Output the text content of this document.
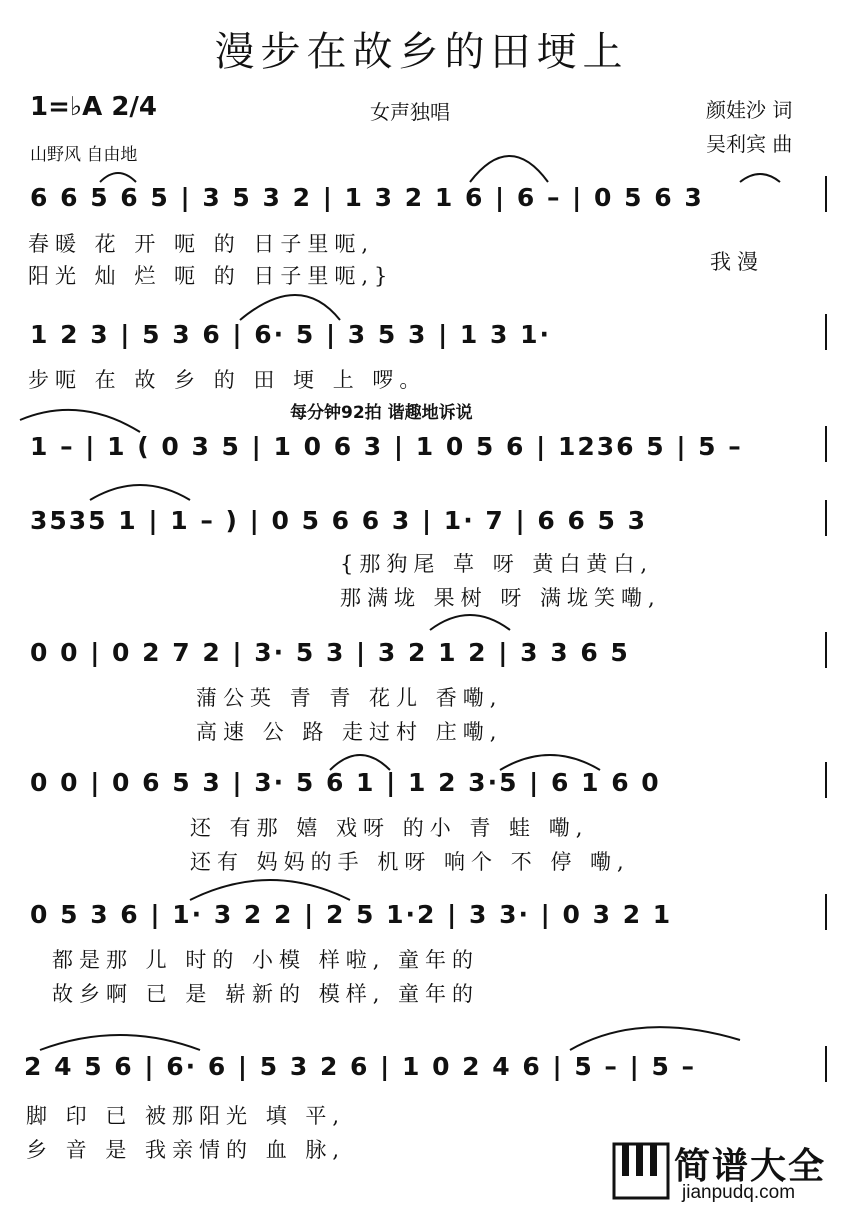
漫步在故乡的田埂上
1=♭A 2/4	女声独唱	颜娃沙 词
吴利宾 曲
山野风 自由地
6 6 5 6 5 | 3 5 3 2 | 1 3 2 1 6 | 6 – | 0 5 6 3
春暖 花 开 呃 的 日子里呃,
阳光 灿 烂 呃 的 日子里呃,}
我漫
1 2 3 | 5 3 6 | 6· 5 | 3 5 3 | 1 3 1·
步呃 在 故 乡 的 田 埂 上 啰。
每分钟92拍 谐趣地诉说
1 – | 1 ( 0 3 5 | 1 0 6 3 | 1 0 5 6 | 1236 5 | 5 –
3535 1 | 1 – ) | 0 5 6 6 3 | 1· 7 | 6 6 5 3
{那狗尾 草 呀 黄白黄白,
那满垅 果树 呀 满垅笑嘞,
0 0 | 0 2 7 2 | 3· 5 3 | 3 2 1 2 | 3 3 6 5
蒲公英 青 青 花儿 香嘞,
高速 公 路 走过村 庄嘞,
0 0 | 0 6 5 3 | 3· 5 6 1 | 1 2 3·5 | 6 1 6 0
还 有那 嬉 戏呀 的小 青 蛙 嘞,
还有 妈妈的手 机呀 响个 不 停 嘞,
0 5 3 6 | 1· 3 2 2 | 2 5 1·2 | 3 3· | 0 3 2 1
都是那 儿 时的 小模 样啦, 童年的
故乡啊 已 是 崭新的 模样, 童年的
2 4 5 6 | 6· 6 | 5 3 2 6 | 1 0 2 4 6 | 5 – | 5 –
脚 印 已 被那阳光 填 平,
乡 音 是 我亲情的 血 脉,	简谱大全
jianpudq.com
